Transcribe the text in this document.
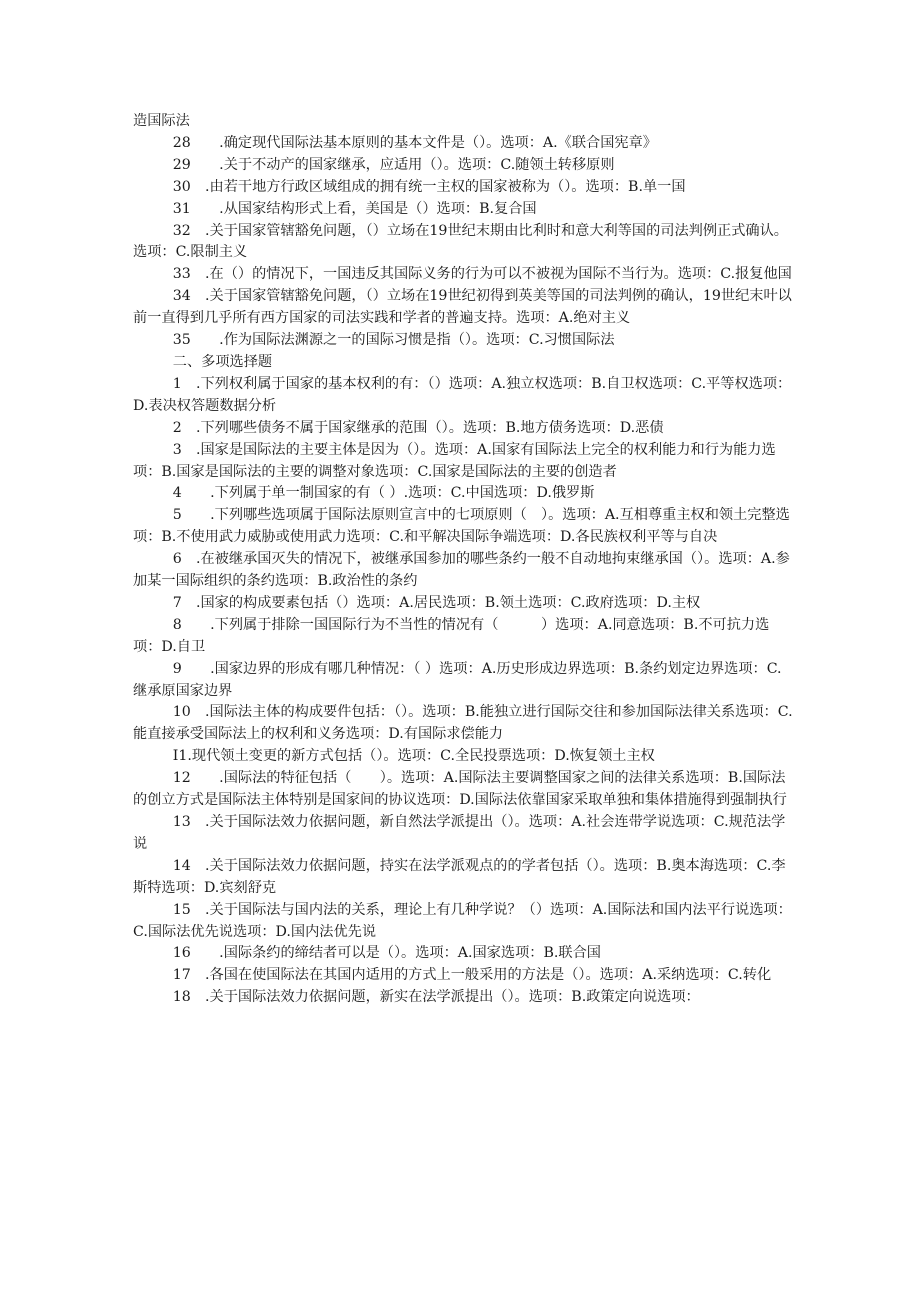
造国际法

28　　.确定现代国际法基本原则的基本文件是（）。选项：A.《联合国宪章》

29　　.关于不动产的国家继承，应适用（）。选项：C.随领土转移原则

30　.由若干地方行政区域组成的拥有统一主权的国家被称为（）。选项：B.单一国

31　　.从国家结构形式上看，美国是（）选项：B.复合国

32　.关于国家管辖豁免问题，（）立场在19世纪末期由比利时和意大利等国的司法判例正式确认。选项：C.限制主义

33　.在（）的情况下，一国违反其国际义务的行为可以不被视为国际不当行为。选项：C.报复他国

34　.关于国家管辖豁免问题，（）立场在19世纪初得到英美等国的司法判例的确认，19世纪末叶以前一直得到几乎所有西方国家的司法实践和学者的普遍支持。选项：A.绝对主义

35　　.作为国际法渊源之一的国际习惯是指（）。选项：C.习惯国际法

二、多项选择题

1　.下列权利属于国家的基本权利的有：（）选项：A.独立权选项：B.自卫权选项：C.平等权选项：D.表决权答题数据分析

2　.下列哪些债务不属于国家继承的范围（）。选项：B.地方债务选项：D.恶债

3　.国家是国际法的主要主体是因为（）。选项：A.国家有国际法上完全的权利能力和行为能力选项：B.国家是国际法的主要的调整对象选项：C.国家是国际法的主要的创造者

4　　.下列属于单一制国家的有（ ）.选项：C.中国选项：D.俄罗斯

5　　.下列哪些选项属于国际法原则宣言中的七项原则（　）。选项：A.互相尊重主权和领土完整选项：B.不使用武力威胁或使用武力选项：C.和平解决国际争端选项：D.各民族权利平等与自决

6　.在被继承国灭失的情况下，被继承国参加的哪些条约一般不自动地拘束继承国（）。选项：A.参加某一国际组织的条约选项：B.政治性的条约

7　.国家的构成要素包括（）选项：A.居民选项：B.领土选项：C.政府选项：D.主权

8　　.下列属于排除一国国际行为不当性的情况有（　　　）选项：A.同意选项：B.不可抗力选项：D.自卫

9　　.国家边界的形成有哪几种情况：（ ）选项：A.历史形成边界选项：B.条约划定边界选项：C.继承原国家边界

10　.国际法主体的构成要件包括：（）。选项：B.能独立进行国际交往和参加国际法律关系选项：C.能直接承受国际法上的权利和义务选项：D.有国际求偿能力

I1.现代领土变更的新方式包括（）。选项：C.全民投票选项：D.恢复领土主权

12　　.国际法的特征包括（　　）。选项：A.国际法主要调整国家之间的法律关系选项：B.国际法的创立方式是国际法主体特别是国家间的协议选项：D.国际法依靠国家采取单独和集体措施得到强制执行

13　.关于国际法效力依据问题，新自然法学派提出（）。选项：A.社会连带学说选项：C.规范法学说

14　.关于国际法效力依据问题，持实在法学派观点的的学者包括（）。选项：B.奥本海选项：C.李斯特选项：D.宾刻舒克

15　.关于国际法与国内法的关系，理论上有几种学说？（）选项：A.国际法和国内法平行说选项：C.国际法优先说选项：D.国内法优先说

16　　.国际条约的缔结者可以是（）。选项：A.国家选项：B.联合国

17　.各国在使国际法在其国内适用的方式上一般采用的方法是（）。选项：A.采纳选项：C.转化

18　.关于国际法效力依据问题，新实在法学派提出（）。选项：B.政策定向说选项：
